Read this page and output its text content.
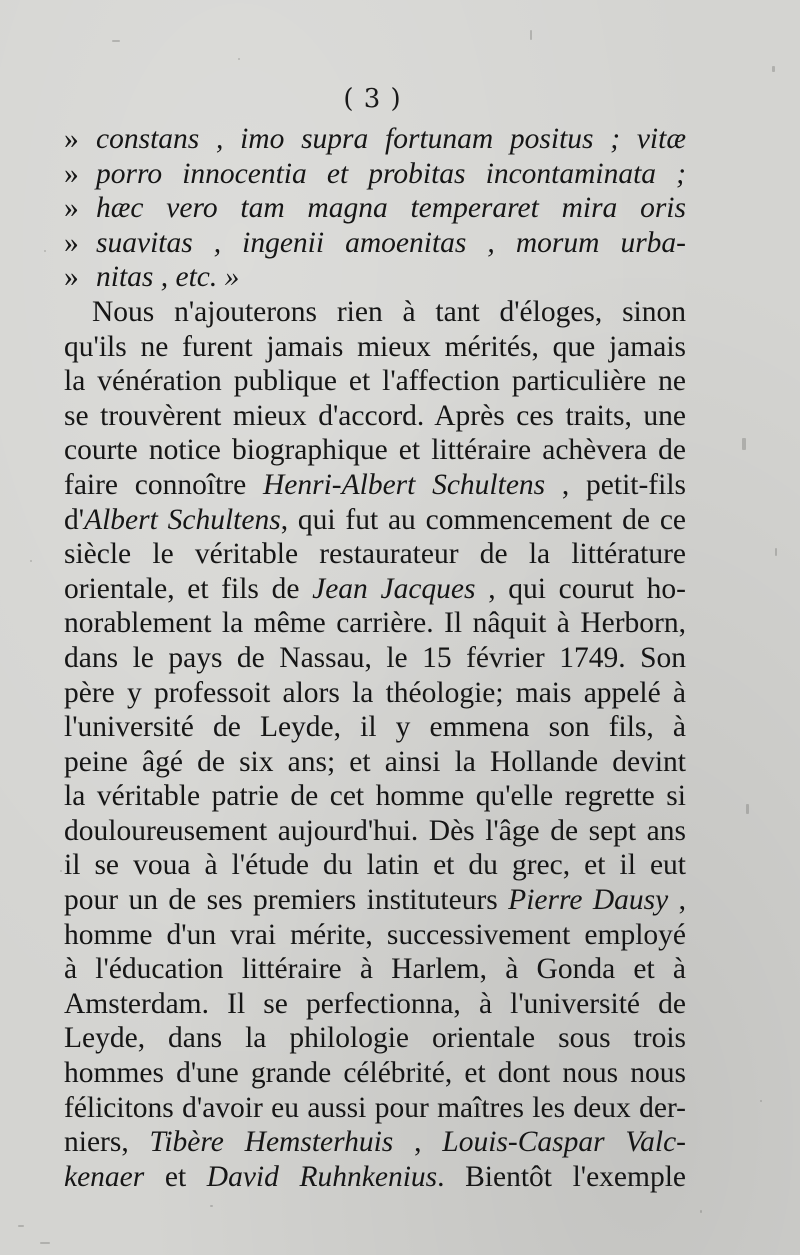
( 3 )
»constans , imo supra fortunam positus ; vitæ
»porro innocentia et probitas incontaminata ;
»hæc vero tam magna temperaret mira oris
»suavitas , ingenii amoenitas , morum urba-
»nitas , etc. »
Nous n'ajouterons rien à tant d'éloges, sinon
qu'ils ne furent jamais mieux mérités, que jamais
la vénération publique et l'affection particulière ne
se trouvèrent mieux d'accord. Après ces traits, une
courte notice biographique et littéraire achèvera de
faire connoître Henri-Albert Schultens , petit-fils
d'Albert Schultens, qui fut au commencement de ce
siècle le véritable restaurateur de la littérature
orientale, et fils de Jean Jacques , qui courut ho-
norablement la même carrière. Il nâquit à Herborn,
dans le pays de Nassau, le 15 février 1749. Son
père y professoit alors la théologie; mais appelé à
l'université de Leyde, il y emmena son fils, à
peine âgé de six ans; et ainsi la Hollande devint
la véritable patrie de cet homme qu'elle regrette si
douloureusement aujourd'hui. Dès l'âge de sept ans
il se voua à l'étude du latin et du grec, et il eut
pour un de ses premiers instituteurs Pierre Dausy ,
homme d'un vrai mérite, successivement employé
à l'éducation littéraire à Harlem, à Gonda et à
Amsterdam. Il se perfectionna, à l'université de
Leyde, dans la philologie orientale sous trois
hommes d'une grande célébrité, et dont nous nous
félicitons d'avoir eu aussi pour maîtres les deux der-
niers, Tibère Hemsterhuis , Louis-Caspar Valc-
kenaer et David Ruhnkenius. Bientôt l'exemple
